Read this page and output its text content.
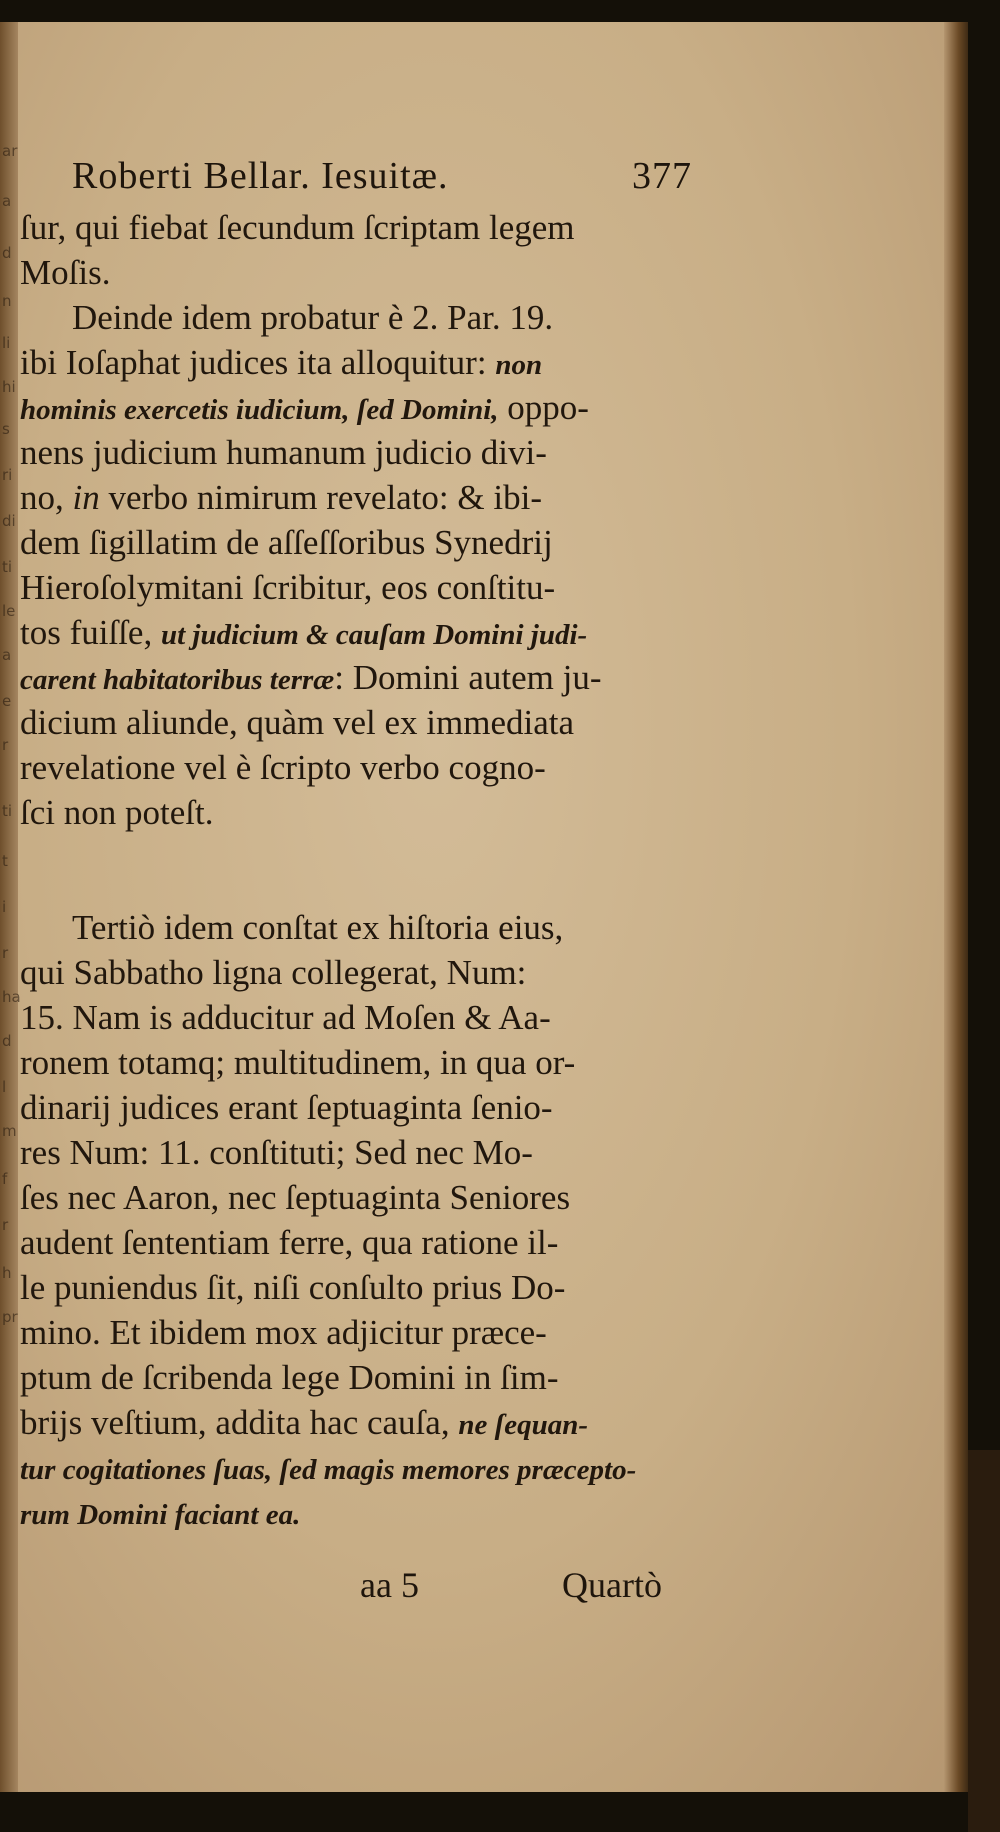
ar
a
d
n
li
hi
s
ri
di
ti
le
a
e
r
ti
t
i
r
ha
d
l
m
f
r
h
pr
Roberti Bellar. Iesuitæ.	377
ſur, qui fiebat ſecundum ſcriptam legem
Moſis.
Deinde idem probatur è 2. Par. 19.
ibi Ioſaphat judices ita alloquitur: non
hominis exercetis iudicium, ſed Domini, oppo-
nens judicium humanum judicio divi-
no, in verbo nimirum revelato: & ibi-
dem ſigillatim de aſſeſſoribus Synedrij
Hieroſolymitani ſcribitur, eos conſtitu-
tos fuiſſe, ut judicium & cauſam Domini judi-
carent habitatoribus terræ: Domini autem ju-
dicium aliunde, quàm vel ex immediata
revelatione vel è ſcripto verbo cogno-
ſci non poteſt.
Tertiò idem conſtat ex hiſtoria eius,
qui Sabbatho ligna collegerat, Num:
15. Nam is adducitur ad Moſen & Aa-
ronem totamq; multitudinem, in qua or-
dinarij judices erant ſeptuaginta ſenio-
res Num: 11. conſtituti; Sed nec Mo-
ſes nec Aaron, nec ſeptuaginta Seniores
audent ſententiam ferre, qua ratione il-
le puniendus ſit, niſi conſulto prius Do-
mino. Et ibidem mox adjicitur præce-
ptum de ſcribenda lege Domini in ſim-
brijs veſtium, addita hac cauſa, ne ſequan-
tur cogitationes ſuas, ſed magis memores præcepto-
rum Domini faciant ea.
aa 5	Quartò
